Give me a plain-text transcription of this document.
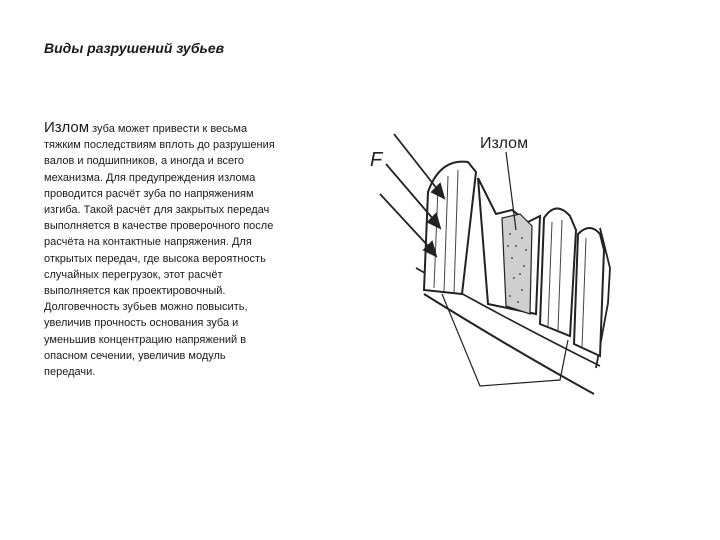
Виды разрушений зубьев

Излом зуба может привести к весьма тяжким последствиям вплоть до разрушения валов и подшипников, а иногда и всего механизма. Для предупреждения излома проводится расчёт зуба по напряжениям изгиба. Такой расчёт для закрытых передач выполняется в качестве проверочного после расчёта на контактные напряжения. Для открытых передач, где высока вероятность случайных перегрузок, этот расчёт выполняется как проектировочный.

Долговечность зубьев можно повысить, увеличив прочность основания зуба и уменьшив концентрацию напряжений в опасном сечении, увеличив модуль передачи.

F
Излом
